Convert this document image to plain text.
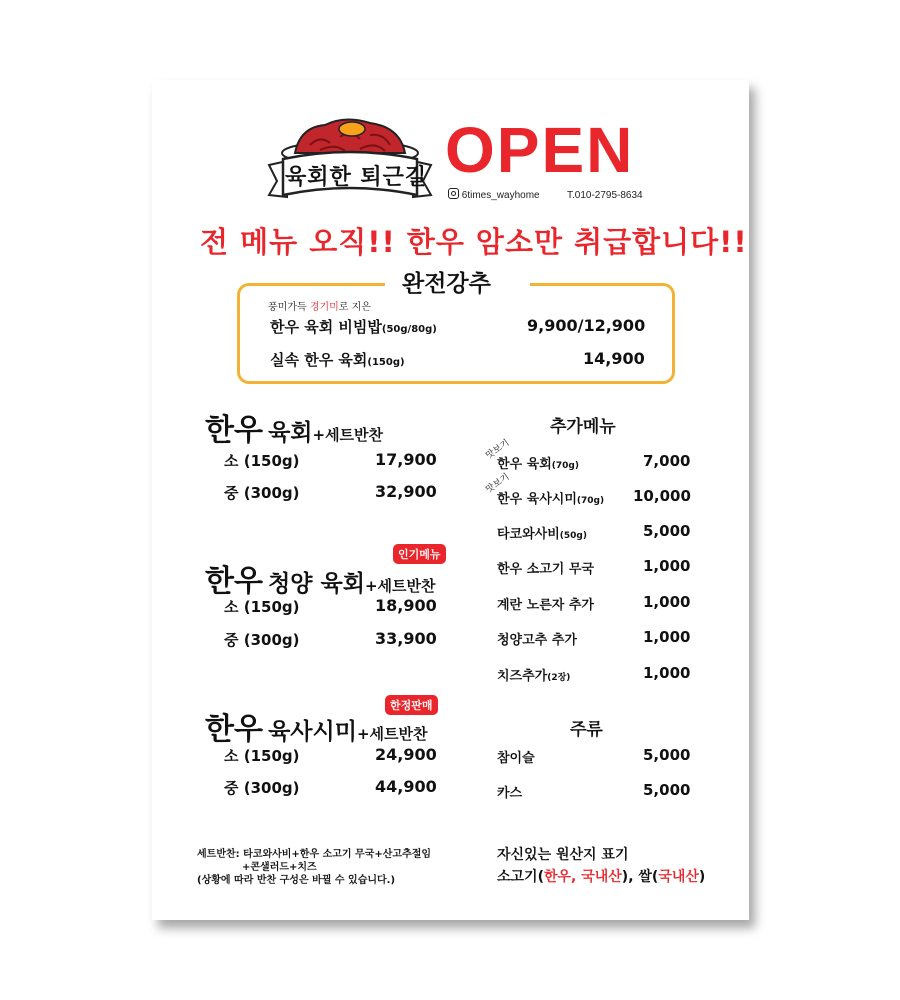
육회한 퇴근길 OPEN
6times_wayhome	T.010-2795-8634
전 메뉴 오직!! 한우 암소만 취급합니다!!
완전강추
풍미가득 경기미로 지은
한우 육회 비빔밥(50g/80g)	9,900/12,900
실속 한우 육회(150g)	14,900
한우 육회+세트반찬
소 (150g)	17,900
중 (300g)	32,900
인기메뉴
한우 청양 육회+세트반찬
소 (150g)	18,900
중 (300g)	33,900
한정판매
한우 육사시미+세트반찬
소 (150g)	24,900
중 (300g)	44,900
추가메뉴
맛보기
한우 육회(70g)	7,000
맛보기
한우 육사시미(70g) 10,000
타코와사비(50g)	5,000
한우 소고기 무국	1,000
계란 노른자 추가	1,000
청양고추 추가	1,000
치즈추가(2장)	1,000
주류
참이슬	5,000
카스	5,000
세트반찬: 타코와사비+한우 소고기 무국+산고추절임
+콘샐러드+치즈
(상황에 따라 반찬 구성은 바뀔 수 있습니다.)
자신있는 원산지 표기
소고기(한우, 국내산), 쌀(국내산)
